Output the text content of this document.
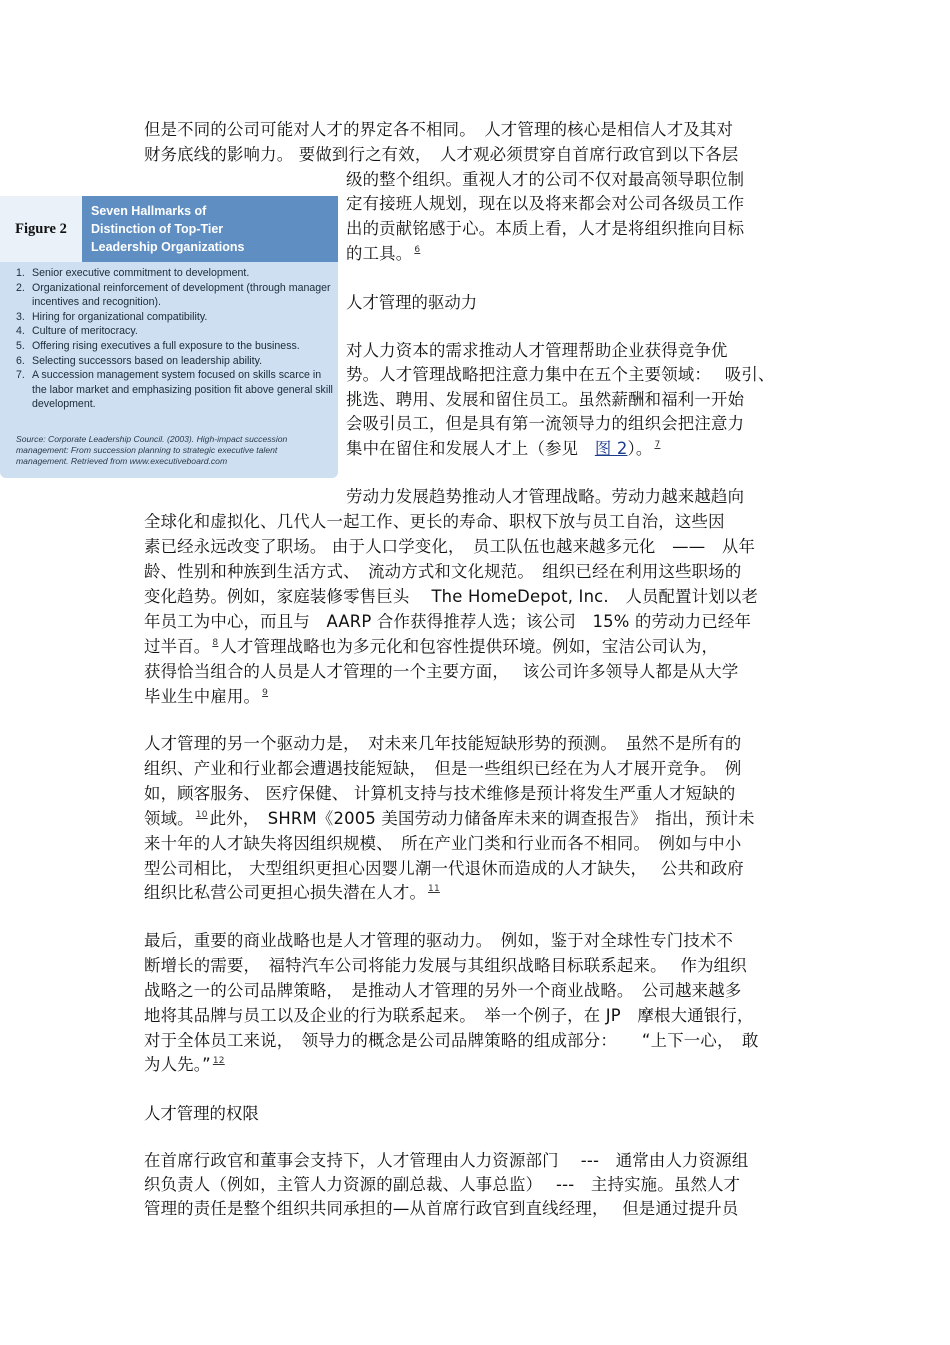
Figure 2
Seven Hallmarks of
Distinction of Top-Tier
Leadership Organizations
1. Senior executive commitment to development.
2. Organizational reinforcement of development (through manager incentives and recognition).
3. Hiring for organizational compatibility.
4. Culture of meritocracy.
5. Offering rising executives a full exposure to the business.
6. Selecting successors based on leadership ability.
7. A succession management system focused on skills scarce in the labor market and emphasizing position fit above general skill development.
Source: Corporate Leadership Council. (2003). High-impact succession management: From succession planning to strategic executive talent management. Retrieved from www.executiveboard.com
但是不同的公司可能对人才的界定各不相同。　人才管理的核心是相信人才及其对
财务底线的影响力。 要做到行之有效，　人才观必须贯穿自首席行政官到以下各层
级的整个组织。重视人才的公司不仅对最高领导职位制
定有接班人规划，现在以及将来都会对公司各级员工作
出的贡献铭感于心。本质上看，人才是将组织推向目标
的工具。 $^6$
人才管理的驱动力
对人力资本的需求推动人才管理帮助企业获得竞争优
势。人才管理战略把注意力集中在五个主要领域：　 吸引、
挑选、聘用、发展和留住员工。虽然薪酬和福利一开始
会吸引员工，但是具有第一流领导力的组织会把注意力
集中在留住和发展人才上（参见　图 2）。 $^7$
劳动力发展趋势推动人才管理战略。劳动力越来越趋向
全球化和虚拟化、几代人一起工作、更长的寿命、职权下放与员工自治，这些因
素已经永远改变了职场。 由于人口学变化，　员工队伍也越来越多元化　——　从年
龄、性别和种族到生活方式、　流动方式和文化规范。　组织已经在利用这些职场的
变化趋势。例如，家庭装修零售巨头　 The HomeDepot, Inc.　人员配置计划以老
年员工为中心，而且与　AARP 合作获得推荐人选；该公司　15% 的劳动力已经年
过半百。 $^8$ 人才管理战略也为多元化和包容性提供环境。例如，宝洁公司认为，
获得恰当组合的人员是人才管理的一个主要方面，　 该公司许多领导人都是从大学
毕业生中雇用。 $^9$
人才管理的另一个驱动力是，　对未来几年技能短缺形势的预测。　虽然不是所有的
组织、产业和行业都会遭遇技能短缺，　但是一些组织已经在为人才展开竞争。　例
如，顾客服务、 医疗保健、 计算机支持与技术维修是预计将发生严重人才短缺的
领域。 $^{10}$ 此外，　SHRM《2005 美国劳动力储备库未来的调查报告》　指出，预计未
来十年的人才缺失将因组织规模、　所在产业门类和行业而各不相同。　例如与中小
型公司相比， 大型组织更担心因婴儿潮一代退休而造成的人才缺失，　 公共和政府
组织比私营公司更担心损失潜在人才。 $^{11}$
最后，重要的商业战略也是人才管理的驱动力。　例如，鉴于对全球性专门技术不
断增长的需要，　福特汽车公司将能力发展与其组织战略目标联系起来。　 作为组织
战略之一的公司品牌策略，　是推动人才管理的另外一个商业战略。　公司越来越多
地将其品牌与员工以及企业的行为联系起来。　举一个例子，在 JP　摩根大通银行，
对于全体员工来说，　领导力的概念是公司品牌策略的组成部分：　　“上下一心，　敢
为人先。” $^{12}$
人才管理的权限
在首席行政官和董事会支持下，人才管理由人力资源部门　 ---　通常由人力资源组
织负责人（例如，主管人力资源的副总裁、人事总监）　 ---　主持实施。虽然人才
管理的责任是整个组织共同承担的—从首席行政官到直线经理，　 但是通过提升员
